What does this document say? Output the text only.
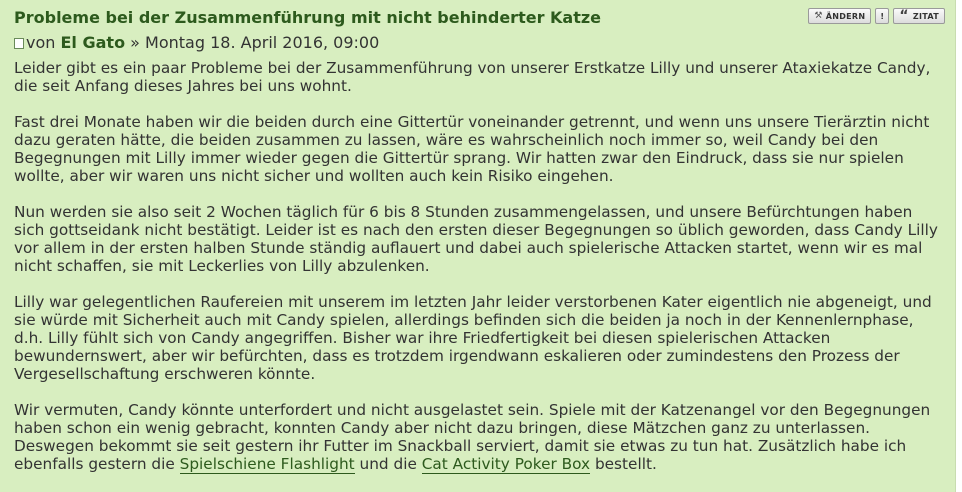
⚒ ÄNDERN ! “ ZITAT
Probleme bei der Zusammenführung mit nicht behinderter Katze
von El Gato » Montag 18. April 2016, 09:00

Leider gibt es ein paar Probleme bei der Zusammenführung von unserer Erstkatze Lilly und unserer Ataxiekatze Candy, die seit Anfang dieses Jahres bei uns wohnt.

Fast drei Monate haben wir die beiden durch eine Gittertür voneinander getrennt, und wenn uns unsere Tierärztin nicht dazu geraten hätte, die beiden zusammen zu lassen, wäre es wahrscheinlich noch immer so, weil Candy bei den Begegnungen mit Lilly immer wieder gegen die Gittertür sprang. Wir hatten zwar den Eindruck, dass sie nur spielen wollte, aber wir waren uns nicht sicher und wollten auch kein Risiko eingehen.

Nun werden sie also seit 2 Wochen täglich für 6 bis 8 Stunden zusammengelassen, und unsere Befürchtungen haben sich gottseidank nicht bestätigt. Leider ist es nach den ersten dieser Begegnungen so üblich geworden, dass Candy Lilly vor allem in der ersten halben Stunde ständig auflauert und dabei auch spielerische Attacken startet, wenn wir es mal nicht schaffen, sie mit Leckerlies von Lilly abzulenken.

Lilly war gelegentlichen Raufereien mit unserem im letzten Jahr leider verstorbenen Kater eigentlich nie abgeneigt, und sie würde mit Sicherheit auch mit Candy spielen, allerdings befinden sich die beiden ja noch in der Kennenlernphase, d.h. Lilly fühlt sich von Candy angegriffen. Bisher war ihre Friedfertigkeit bei diesen spielerischen Attacken bewundernswert, aber wir befürchten, dass es trotzdem irgendwann eskalieren oder zumindestens den Prozess der Vergesellschaftung erschweren könnte.

Wir vermuten, Candy könnte unterfordert und nicht ausgelastet sein. Spiele mit der Katzenangel vor den Begegnungen haben schon ein wenig gebracht, konnten Candy aber nicht dazu bringen, diese Mätzchen ganz zu unterlassen. Deswegen bekommt sie seit gestern ihr Futter im Snackball serviert, damit sie etwas zu tun hat. Zusätzlich habe ich ebenfalls gestern die Spielschiene Flashlight und die Cat Activity Poker Box bestellt.
